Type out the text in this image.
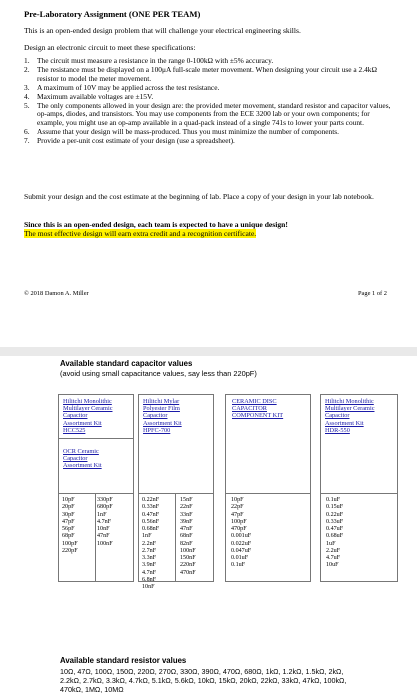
Pre-Laboratory Assignment (ONE PER TEAM)
This is an open-ended design problem that will challenge your electrical engineering skills.
Design an electronic circuit to meet these specifications:
1. The circuit must measure a resistance in the range 0-100kΩ with ±5% accuracy.
2. The resistance must be displayed on a 100μA full-scale meter movement. When designing your circuit use a 2.4kΩ resistor to model the meter movement.
3. A maximum of 10V may be applied across the test resistance.
4. Maximum available voltages are ±15V.
5. The only components allowed in your design are: the provided meter movement, standard resistor and capacitor values, op-amps, diodes, and transistors. You may use components from the ECE 3200 lab or your own components; for example, you might use an op-amp available in a quad-pack instead of a single 741s to lower your parts count.
6. Assume that your design will be mass-produced. Thus you must minimize the number of components.
7. Provide a per-unit cost estimate of your design (use a spreadsheet).
Submit your design and the cost estimate at the beginning of lab. Place a copy of your design in your lab notebook.
Since this is an open-ended design, each team is expected to have a unique design!
The most effective design will earn extra credit and a recognition certificate.
© 2018 Damon A. Miller	Page 1 of 2
Available standard capacitor values
(avoid using small capacitance values, say less than 220pF)
Hilitchi Monolithic
Multilayer Ceramic
Capacitor
Assortment Kit
HCC525
OCR Ceramic
Capacitor
Assortment Kit
Hilitchi Mylar
Polyester Film
Capacitor
Assortment Kit
HPFC-700
CERAMIC DISC
CAPACITOR
COMPONENT KIT
Hilitchi Monolithic
Multilayer Ceramic
Capacitor
Assortment Kit
HDR-550
10pF
20pF
30pF
47pF
56pF
68pF
100pF
220pF
330pF
680pF
1nF
4.7nF
10nF
47nF
100nF
0.22nF
0.33nF
0.47nF
0.56nF
0.68nF
1nF
2.2nF
2.7nF
3.3nF
3.9nF
4.7nF
6.8nF
10nF
15nF
22nF
33nF
39nF
47nF
68nF
82nF
100nF
150nF
220nF
470nF
10pF
22pF
47pF
100pF
470pF
0.001uF
0.022uF
0.047uF
0.01uF
0.1uF
0.1uF
0.15uF
0.22uF
0.33uF
0.47uF
0.68uF
1uF
2.2uF
4.7uF
10uF
Available standard resistor values
10Ω, 47Ω, 100Ω, 150Ω, 220Ω, 270Ω, 330Ω, 390Ω, 470Ω, 680Ω, 1kΩ, 1.2kΩ, 1.5kΩ, 2kΩ,
2.2kΩ, 2.7kΩ, 3.3kΩ, 4.7kΩ, 5.1kΩ, 5.6kΩ, 10kΩ, 15kΩ, 20kΩ, 22kΩ, 33kΩ, 47kΩ, 100kΩ,
470kΩ, 1MΩ, 10MΩ
